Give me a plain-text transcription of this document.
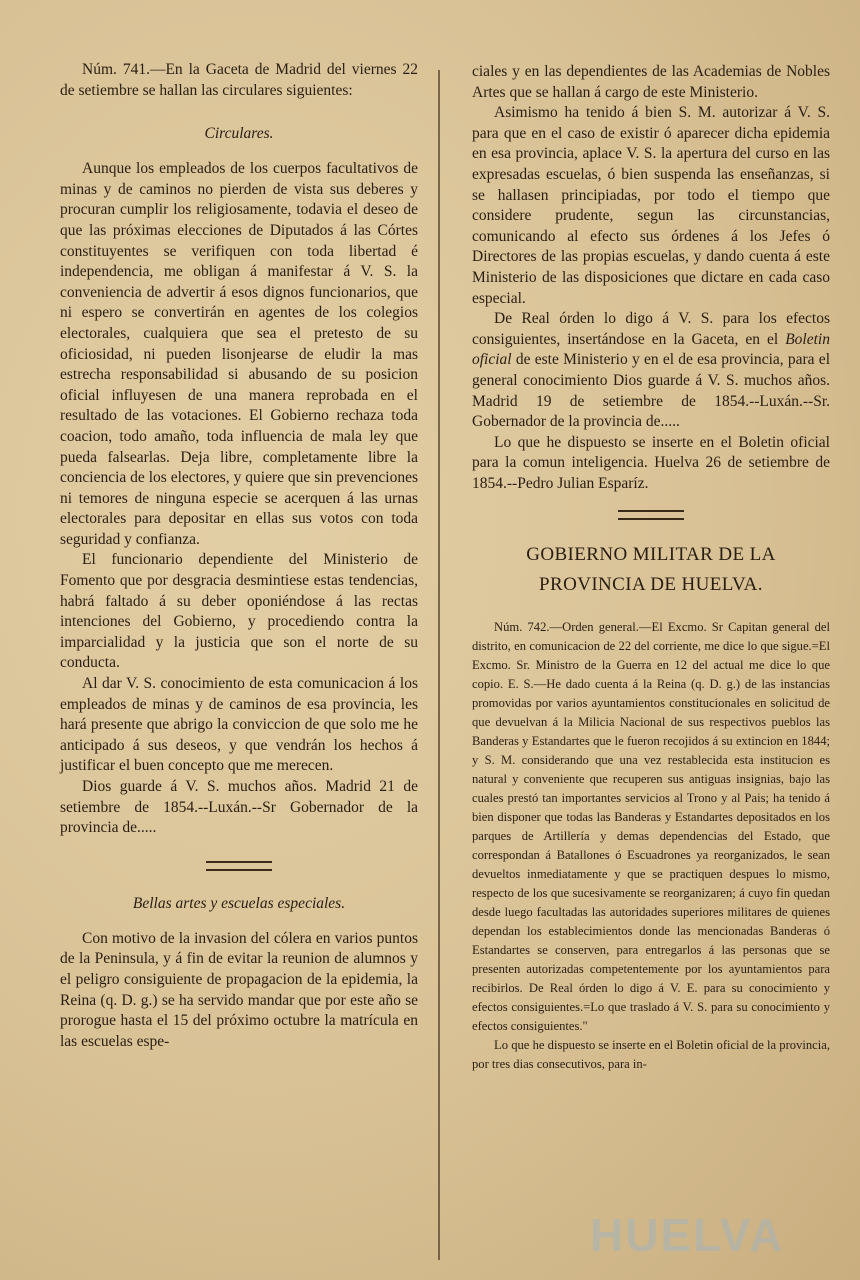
Núm. 741.—En la Gaceta de Madrid del viernes 22 de setiembre se hallan las circulares siguientes:

Circulares.

Aunque los empleados de los cuerpos facultativos de minas y de caminos no pierden de vista sus deberes y procuran cumplir los religiosamente, todavia el deseo de que las próximas elecciones de Diputados á las Córtes constituyentes se verifiquen con toda libertad é independencia, me obligan á manifestar á V. S. la conveniencia de advertir á esos dignos funcionarios, que ni espero se convertirán en agentes de los colegios electorales, cualquiera que sea el pretesto de su oficiosidad, ni pueden lisonjearse de eludir la mas estrecha responsabilidad si abusando de su posicion oficial influyesen de una manera reprobada en el resultado de las votaciones. El Gobierno rechaza toda coacion, todo amaño, toda influencia de mala ley que pueda falsearlas. Deja libre, completamente libre la conciencia de los electores, y quiere que sin prevenciones ni temores de ninguna especie se acerquen á las urnas electorales para depositar en ellas sus votos con toda seguridad y confianza.

El funcionario dependiente del Ministerio de Fomento que por desgracia desmintiese estas tendencias, habrá faltado á su deber oponiéndose á las rectas intenciones del Gobierno, y procediendo contra la imparcialidad y la justicia que son el norte de su conducta.

Al dar V. S. conocimiento de esta comunicacion á los empleados de minas y de caminos de esa provincia, les hará presente que abrigo la conviccion de que solo me he anticipado á sus deseos, y que vendrán los hechos á justificar el buen concepto que me merecen.

Dios guarde á V. S. muchos años. Madrid 21 de setiembre de 1854.--Luxán.--Sr Gobernador de la provincia de.....

Bellas artes y escuelas especiales.

Con motivo de la invasion del cólera en varios puntos de la Peninsula, y á fin de evitar la reunion de alumnos y el peligro consiguiente de propagacion de la epidemia, la Reina (q. D. g.) se ha servido mandar que por este año se prorogue hasta el 15 del próximo octubre la matrícula en las escuelas espe-

ciales y en las dependientes de las Academias de Nobles Artes que se hallan á cargo de este Ministerio.

Asimismo ha tenido á bien S. M. autorizar á V. S. para que en el caso de existir ó aparecer dicha epidemia en esa provincia, aplace V. S. la apertura del curso en las expresadas escuelas, ó bien suspenda las enseñanzas, si se hallasen principiadas, por todo el tiempo que considere prudente, segun las circunstancias, comunicando al efecto sus órdenes á los Jefes ó Directores de las propias escuelas, y dando cuenta á este Ministerio de las disposiciones que dictare en cada caso especial.

De Real órden lo digo á V. S. para los efectos consiguientes, insertándose en la Gaceta, en el Boletin oficial de este Ministerio y en el de esa provincia, para el general conocimiento Dios guarde á V. S. muchos años. Madrid 19 de setiembre de 1854.--Luxán.--Sr. Gobernador de la provincia de.....

Lo que he dispuesto se inserte en el Boletin oficial para la comun inteligencia. Huelva 26 de setiembre de 1854.--Pedro Julian Esparíz.

GOBIERNO MILITAR DE LA PROVINCIA DE HUELVA.

Núm. 742.—Orden general.—El Excmo. Sr Capitan general del distrito, en comunicacion de 22 del corriente, me dice lo que sigue.=El Excmo. Sr. Ministro de la Guerra en 12 del actual me dice lo que copio. E. S.—He dado cuenta á la Reina (q. D. g.) de las instancias promovidas por varios ayuntamientos constitucionales en solicitud de que devuelvan á la Milicia Nacional de sus respectivos pueblos las Banderas y Estandartes que le fueron recojidos á su extincion en 1844; y S. M. considerando que una vez restablecida esta institucion es natural y conveniente que recuperen sus antiguas insignias, bajo las cuales prestó tan importantes servicios al Trono y al Pais; ha tenido á bien disponer que todas las Banderas y Estandartes depositados en los parques de Artillería y demas dependencias del Estado, que correspondan á Batallones ó Escuadrones ya reorganizados, le sean devueltos inmediatamente y que se practiquen despues lo mismo, respecto de los que sucesivamente se reorganizaren; á cuyo fin quedan desde luego facultadas las autoridades superiores militares de quienes dependan los establecimientos donde las mencionadas Banderas ó Estandartes se conserven, para entregarlos á las personas que se presenten autorizadas competentemente por los ayuntamientos para recibirlos. De Real órden lo digo á V. E. para su conocimiento y efectos consiguientes.=Lo que traslado á V. S. para su conocimiento y efectos consiguientes."

Lo que he dispuesto se inserte en el Boletin oficial de la provincia, por tres dias consecutivos, para in-

HUELVA
